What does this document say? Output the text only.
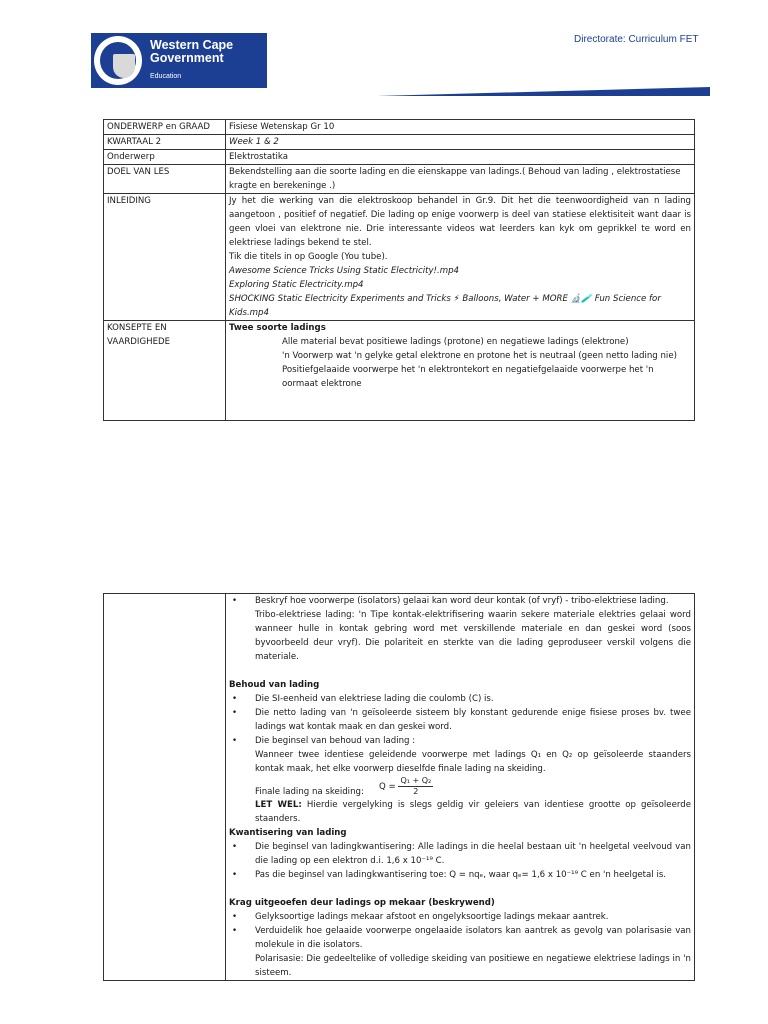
Western Cape
Government
Education
Directorate: Curriculum FET
ONDERWERP en GRAAD	Fisiese Wetenskap Gr 10
KWARTAAL 2	Week 1 & 2
Onderwerp	Elektrostatika
DOEL VAN LES	Bekendstelling aan die soorte lading en die eienskappe van ladings.( Behoud van lading , elektrostatiese kragte en berekeninge .)
INLEIDING	Jy het die werking van die elektroskoop behandel in Gr.9. Dit het die teenwoordigheid van n lading aangetoon , positief of negatief. Die lading op enige voorwerp is deel van statiese elektisiteit want daar is geen vloei van elektrone nie. Drie interessante videos wat leerders kan kyk om geprikkel te word en elektriese ladings bekend te stel.
Tik die titels in op Google (You tube).
Awesome Science Tricks Using Static Electricity!.mp4
Exploring Static Electricity.mp4
SHOCKING Static Electricity Experiments and Tricks ⚡ Balloons, Water + MORE 🔬🧪 Fun Science for Kids.mp4

KONSEPTE EN VAARDIGHEDE	Twee soorte ladings
Alle material bevat positiewe ladings (protone) en negatiewe ladings (elektrone)
'n Voorwerp wat 'n gelyke getal elektrone en protone het is neutraal (geen netto lading nie)
Positiefgelaaide voorwerpe het 'n elektrontekort en negatiefgelaaide voorwerpe het 'n oormaat elektrone

• Beskryf hoe voorwerpe (isolators) gelaai kan word deur kontak (of vryf) - tribo-elektriese lading.
Tribo-elektriese lading: 'n Tipe kontak-elektrifisering waarin sekere materiale elektries gelaai word wanneer hulle in kontak gebring word met verskillende materiale en dan geskei word (soos byvoorbeeld deur vryf). Die polariteit en sterkte van die lading geproduseer verskil volgens die materiale.
Behoud van lading
• Die SI-eenheid van elektriese lading die coulomb (C) is.
• Die netto lading van 'n geïsoleerde sisteem bly konstant gedurende enige fisiese proses bv. twee ladings wat kontak maak en dan geskei word.
• Die beginsel van behoud van lading :
Wanneer twee identiese geleidende voorwerpe met ladings Q₁ en Q₂ op geïsoleerde staanders kontak maak, het elke voorwerp dieselfde finale lading na skeiding.
Finale lading na skeiding: $Q = \frac{\text{Q₁ + Q₂}}{2}$
LET WEL: Hierdie vergelyking is slegs geldig vir geleiers van identiese grootte op geïsoleerde staanders.
Kwantisering van lading
• Die beginsel van ladingkwantisering: Alle ladings in die heelal bestaan uit 'n heelgetal veelvoud van die lading op een elektron d.i. 1,6 x 10⁻¹⁹ C.
• Pas die beginsel van ladingkwantisering toe: Q = nqₑ, waar qₑ= 1,6 x 10⁻¹⁹ C en 'n heelgetal is.
Krag uitgeoefen deur ladings op mekaar (beskrywend)
• Gelyksoortige ladings mekaar afstoot en ongelyksoortige ladings mekaar aantrek.
• Verduidelik hoe gelaaide voorwerpe ongelaaide isolators kan aantrek as gevolg van polarisasie van molekule in die isolators.
Polarisasie: Die gedeeltelike of volledige skeiding van positiewe en negatiewe elektriese ladings in 'n sisteem.
